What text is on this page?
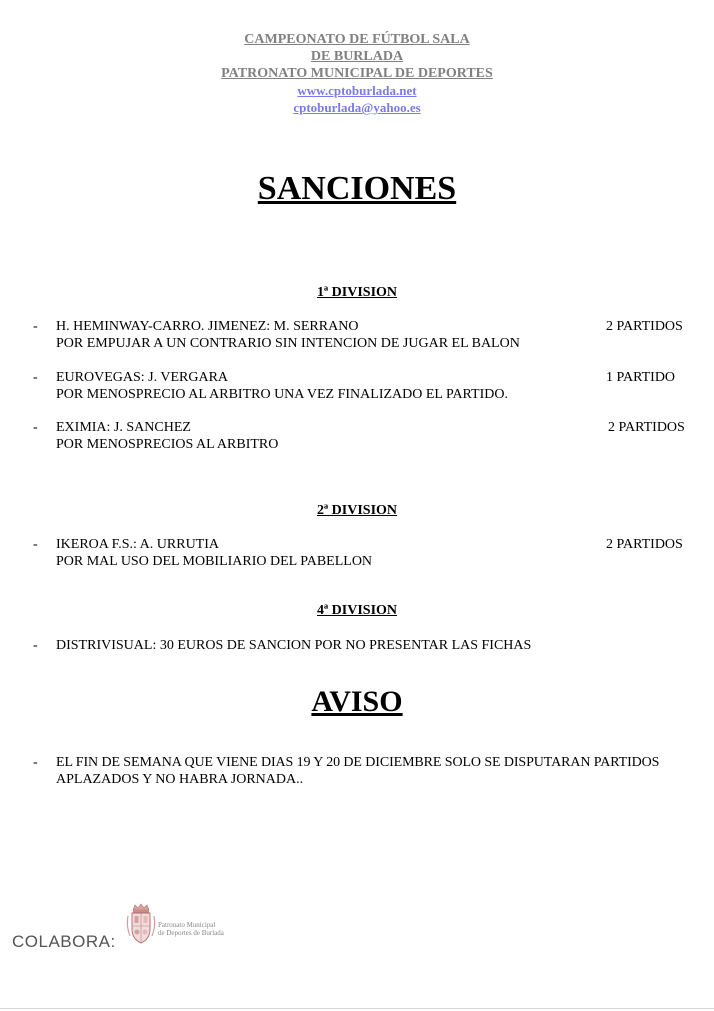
CAMPEONATO DE FÚTBOL SALA
DE BURLADA
PATRONATO MUNICIPAL DE DEPORTES
www.cptoburlada.net
cptoburlada@yahoo.es
SANCIONES
1ª DIVISION
- H. HEMINWAY-CARRO. JIMENEZ: M. SERRANO	2 PARTIDOS
POR EMPUJAR A UN CONTRARIO SIN INTENCION DE JUGAR EL BALON
- EUROVEGAS: J. VERGARA	1 PARTIDO
POR MENOSPRECIO AL ARBITRO UNA VEZ FINALIZADO EL PARTIDO.
- EXIMIA: J. SANCHEZ	2 PARTIDOS
POR MENOSPRECIOS AL ARBITRO
2ª DIVISION
- IKEROA F.S.: A. URRUTIA	2 PARTIDOS
POR MAL USO DEL MOBILIARIO DEL PABELLON
4ª DIVISION
- DISTRIVISUAL: 30 EUROS DE SANCION POR NO PRESENTAR LAS FICHAS
AVISO
- EL FIN DE SEMANA QUE VIENE DIAS 19 Y 20 DE DICIEMBRE SOLO SE DISPUTARAN PARTIDOS
APLAZADOS Y NO HABRA JORNADA..
COLABORA:
Patronato Municipal
de Deportes de Burlada
